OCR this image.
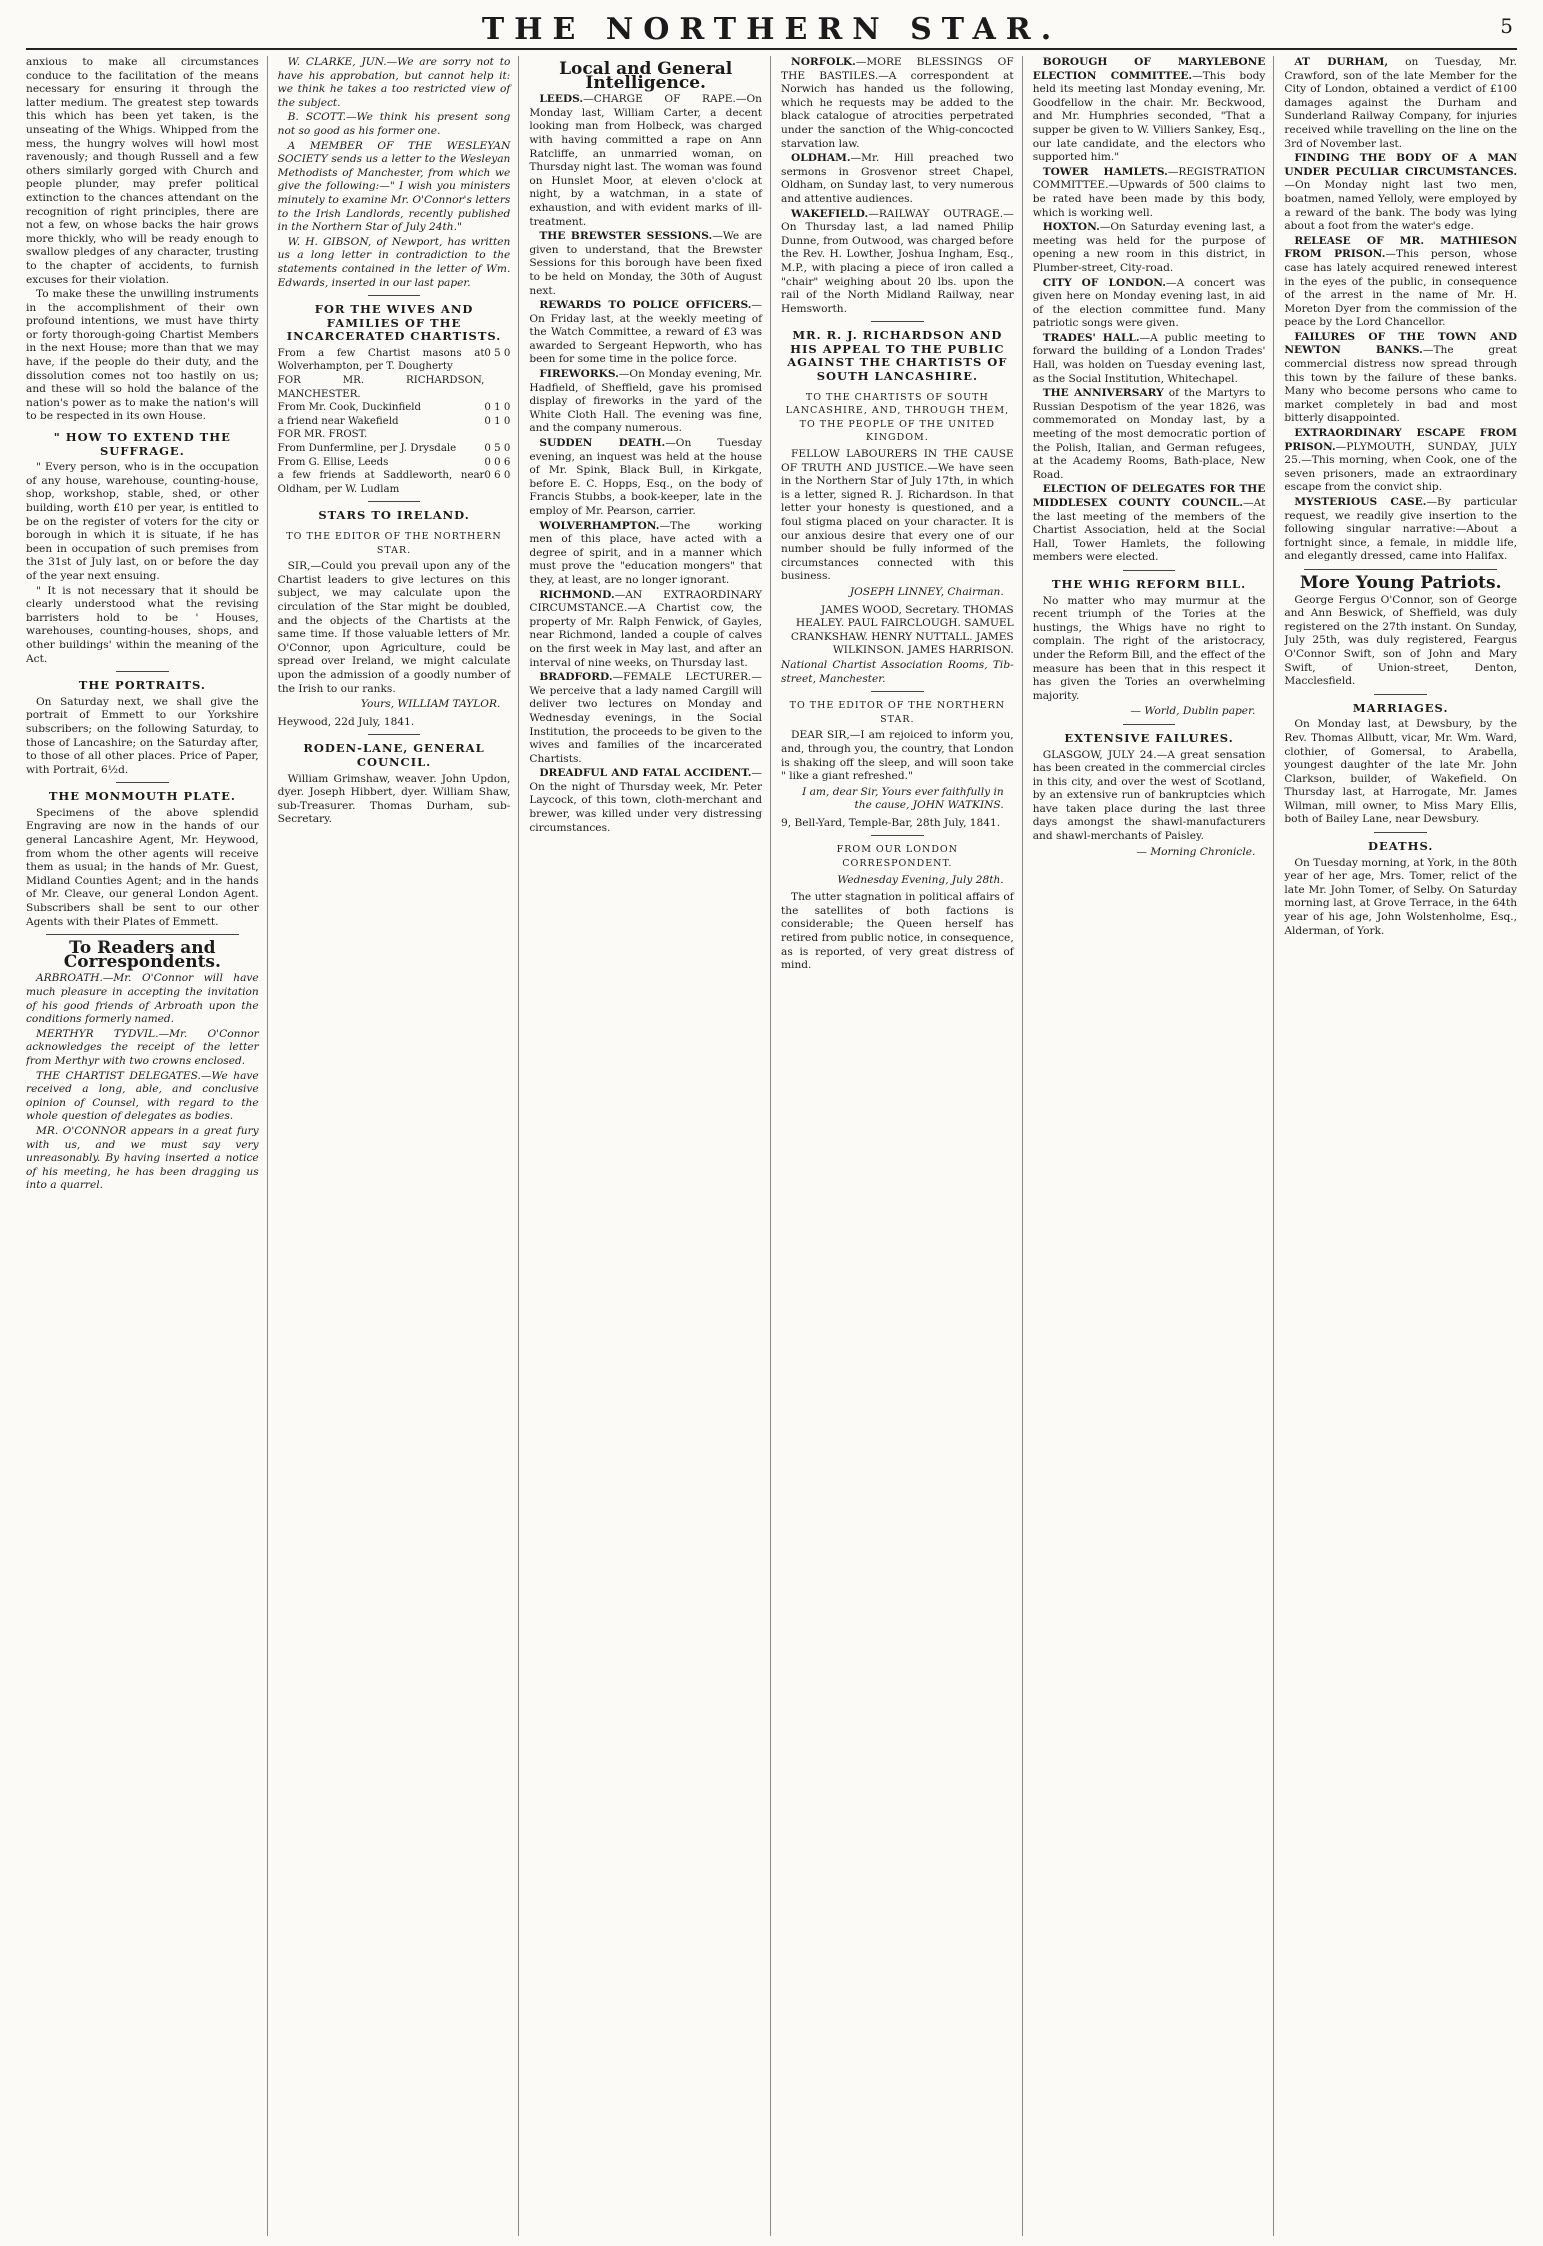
THE NORTHERN STAR.	5

anxious to make all circumstances conduce to the facilitation of the means necessary for ensuring it through the latter medium. The greatest step towards this which has been yet taken, is the unseating of the Whigs. Whipped from the mess, the hungry wolves will howl most ravenously; and though Russell and a few others similarly gorged with Church and people plunder, may prefer political extinction to the chances attendant on the recognition of right principles, there are not a few, on whose backs the hair grows more thickly, who will be ready enough to swallow pledges of any character, trusting to the chapter of accidents, to furnish excuses for their violation.

To make these the unwilling instruments in the accomplishment of their own profound intentions, we must have thirty or forty thorough-going Chartist Members in the next House; more than that we may have, if the people do their duty, and the dissolution comes not too hastily on us; and these will so hold the balance of the nation's power as to make the nation's will to be respected in its own House.

" HOW TO EXTEND THE SUFFRAGE.

" Every person, who is in the occupation of any house, warehouse, counting-house, shop, workshop, stable, shed, or other building, worth £10 per year, is entitled to be on the register of voters for the city or borough in which it is situate, if he has been in occupation of such premises from the 31st of July last, on or before the day of the year next ensuing.

" It is not necessary that it should be clearly understood what the revising barristers hold to be ' Houses, warehouses, counting-houses, shops, and other buildings' within the meaning of the Act.

THE PORTRAITS.

On Saturday next, we shall give the portrait of Emmett to our Yorkshire subscribers; on the following Saturday, to those of Lancashire; on the Saturday after, to those of all other places. Price of Paper, with Portrait, 6½d.

THE MONMOUTH PLATE.

Specimens of the above splendid Engraving are now in the hands of our general Lancashire Agent, Mr. Heywood, from whom the other agents will receive them as usual; in the hands of Mr. Guest, Midland Counties Agent; and in the hands of Mr. Cleave, our general London Agent. Subscribers shall be sent to our other Agents with their Plates of Emmett.

To Readers and Correspondents.

ARBROATH.—Mr. O'Connor will have much pleasure in accepting the invitation of his good friends of Arbroath upon the conditions formerly named.

MERTHYR TYDVIL.—Mr. O'Connor acknowledges the receipt of the letter from Merthyr with two crowns enclosed.

THE CHARTIST DELEGATES.—We have received a long, able, and conclusive opinion of Counsel, with regard to the whole question of delegates as bodies.

MR. O'CONNOR appears in a great fury with us, and we must say very unreasonably. By having inserted a notice of his meeting, he has been dragging us into a quarrel.

W. CLARKE, JUN.—We are sorry not to have his approbation, but cannot help it: we think he takes a too restricted view of the subject.

B. SCOTT.—We think his present song not so good as his former one.

A MEMBER OF THE WESLEYAN SOCIETY sends us a letter to the Wesleyan Methodists of Manchester, from which we give the following:—" I wish you ministers minutely to examine Mr. O'Connor's letters to the Irish Landlords, recently published in the Northern Star of July 24th."

W. H. GIBSON, of Newport, has written us a long letter in contradiction to the statements contained in the letter of Wm. Edwards, inserted in our last paper.

FOR THE WIVES AND FAMILIES OF THE INCARCERATED CHARTISTS.
From a few Chartist masons at Wolverhampton, per T. Dougherty	0 5 0
FOR MR. RICHARDSON, MANCHESTER.	
From Mr. Cook, Duckinfield	0 1 0
a friend near Wakefield	0 1 0
FOR MR. FROST.	
From Dunfermline, per J. Drysdale	0 5 0
From G. Ellise, Leeds	0 0 6
a few friends at Saddleworth, near Oldham, per W. Ludlam	0 6 0
STARS TO IRELAND.
TO THE EDITOR OF THE NORTHERN STAR.

SIR,—Could you prevail upon any of the Chartist leaders to give lectures on this subject, we may calculate upon the circulation of the Star might be doubled, and the objects of the Chartists at the same time. If those valuable letters of Mr. O'Connor, upon Agriculture, could be spread over Ireland, we might calculate upon the admission of a goodly number of the Irish to our ranks.

Yours, WILLIAM TAYLOR.

Heywood, 22d July, 1841.

RODEN-LANE, GENERAL COUNCIL.

William Grimshaw, weaver. John Updon, dyer. Joseph Hibbert, dyer. William Shaw, sub-Treasurer. Thomas Durham, sub-Secretary.

Local and General Intelligence.

LEEDS.—CHARGE OF RAPE.—On Monday last, William Carter, a decent looking man from Holbeck, was charged with having committed a rape on Ann Ratcliffe, an unmarried woman, on Thursday night last. The woman was found on Hunslet Moor, at eleven o'clock at night, by a watchman, in a state of exhaustion, and with evident marks of ill-treatment.

THE BREWSTER SESSIONS.—We are given to understand, that the Brewster Sessions for this borough have been fixed to be held on Monday, the 30th of August next.

REWARDS TO POLICE OFFICERS.—On Friday last, at the weekly meeting of the Watch Committee, a reward of £3 was awarded to Sergeant Hepworth, who has been for some time in the police force.

FIREWORKS.—On Monday evening, Mr. Hadfield, of Sheffield, gave his promised display of fireworks in the yard of the White Cloth Hall. The evening was fine, and the company numerous.

SUDDEN DEATH.—On Tuesday evening, an inquest was held at the house of Mr. Spink, Black Bull, in Kirkgate, before E. C. Hopps, Esq., on the body of Francis Stubbs, a book-keeper, late in the employ of Mr. Pearson, carrier.

WOLVERHAMPTON.—The working men of this place, have acted with a degree of spirit, and in a manner which must prove the "education mongers" that they, at least, are no longer ignorant.

RICHMOND.—AN EXTRAORDINARY CIRCUMSTANCE.—A Chartist cow, the property of Mr. Ralph Fenwick, of Gayles, near Richmond, landed a couple of calves on the first week in May last, and after an interval of nine weeks, on Thursday last.

BRADFORD.—FEMALE LECTURER.—We perceive that a lady named Cargill will deliver two lectures on Monday and Wednesday evenings, in the Social Institution, the proceeds to be given to the wives and families of the incarcerated Chartists.

DREADFUL AND FATAL ACCIDENT.—On the night of Thursday week, Mr. Peter Laycock, of this town, cloth-merchant and brewer, was killed under very distressing circumstances.

NORFOLK.—MORE BLESSINGS OF THE BASTILES.—A correspondent at Norwich has handed us the following, which he requests may be added to the black catalogue of atrocities perpetrated under the sanction of the Whig-concocted starvation law.

OLDHAM.—Mr. Hill preached two sermons in Grosvenor street Chapel, Oldham, on Sunday last, to very numerous and attentive audiences.

WAKEFIELD.—RAILWAY OUTRAGE.—On Thursday last, a lad named Philip Dunne, from Outwood, was charged before the Rev. H. Lowther, Joshua Ingham, Esq., M.P., with placing a piece of iron called a "chair" weighing about 20 lbs. upon the rail of the North Midland Railway, near Hemsworth.

MR. R. J. RICHARDSON AND HIS APPEAL TO THE PUBLIC AGAINST THE CHARTISTS OF SOUTH LANCASHIRE.
TO THE CHARTISTS OF SOUTH LANCASHIRE, AND, THROUGH THEM, TO THE PEOPLE OF THE UNITED KINGDOM.

FELLOW LABOURERS IN THE CAUSE OF TRUTH AND JUSTICE.—We have seen in the Northern Star of July 17th, in which is a letter, signed R. J. Richardson. In that letter your honesty is questioned, and a foul stigma placed on your character. It is our anxious desire that every one of our number should be fully informed of the circumstances connected with this business.

JOSEPH LINNEY, Chairman.

JAMES WOOD, Secretary. THOMAS HEALEY. PAUL FAIRCLOUGH. SAMUEL CRANKSHAW. HENRY NUTTALL. JAMES WILKINSON. JAMES HARRISON.

National Chartist Association Rooms, Tib-street, Manchester.

TO THE EDITOR OF THE NORTHERN STAR.

DEAR SIR,—I am rejoiced to inform you, and, through you, the country, that London is shaking off the sleep, and will soon take " like a giant refreshed."

I am, dear Sir, Yours ever faithfully in the cause, JOHN WATKINS.

9, Bell-Yard, Temple-Bar, 28th July, 1841.

FROM OUR LONDON CORRESPONDENT.
Wednesday Evening, July 28th.

The utter stagnation in political affairs of the satellites of both factions is considerable; the Queen herself has retired from public notice, in consequence, as is reported, of very great distress of mind.

BOROUGH OF MARYLEBONE ELECTION COMMITTEE.—This body held its meeting last Monday evening, Mr. Goodfellow in the chair. Mr. Beckwood, and Mr. Humphries seconded, "That a supper be given to W. Villiers Sankey, Esq., our late candidate, and the electors who supported him."

TOWER HAMLETS.—REGISTRATION COMMITTEE.—Upwards of 500 claims to be rated have been made by this body, which is working well.

HOXTON.—On Saturday evening last, a meeting was held for the purpose of opening a new room in this district, in Plumber-street, City-road.

CITY OF LONDON.—A concert was given here on Monday evening last, in aid of the election committee fund. Many patriotic songs were given.

TRADES' HALL.—A public meeting to forward the building of a London Trades' Hall, was holden on Tuesday evening last, as the Social Institution, Whitechapel.

THE ANNIVERSARY of the Martyrs to Russian Despotism of the year 1826, was commemorated on Monday last, by a meeting of the most democratic portion of the Polish, Italian, and German refugees, at the Academy Rooms, Bath-place, New Road.

ELECTION OF DELEGATES FOR THE MIDDLESEX COUNTY COUNCIL.—At the last meeting of the members of the Chartist Association, held at the Social Hall, Tower Hamlets, the following members were elected.

THE WHIG REFORM BILL.

No matter who may murmur at the recent triumph of the Tories at the hustings, the Whigs have no right to complain. The right of the aristocracy, under the Reform Bill, and the effect of the measure has been that in this respect it has given the Tories an overwhelming majority.

— World, Dublin paper.
EXTENSIVE FAILURES.

GLASGOW, JULY 24.—A great sensation has been created in the commercial circles in this city, and over the west of Scotland, by an extensive run of bankruptcies which have taken place during the last three days amongst the shawl-manufacturers and shawl-merchants of Paisley.

— Morning Chronicle.

AT DURHAM, on Tuesday, Mr. Crawford, son of the late Member for the City of London, obtained a verdict of £100 damages against the Durham and Sunderland Railway Company, for injuries received while travelling on the line on the 3rd of November last.

FINDING THE BODY OF A MAN UNDER PECULIAR CIRCUMSTANCES.—On Monday night last two men, boatmen, named Yelloly, were employed by a reward of the bank. The body was lying about a foot from the water's edge.

RELEASE OF MR. MATHIESON FROM PRISON.—This person, whose case has lately acquired renewed interest in the eyes of the public, in consequence of the arrest in the name of Mr. H. Moreton Dyer from the commission of the peace by the Lord Chancellor.

FAILURES OF THE TOWN AND NEWTON BANKS.—The great commercial distress now spread through this town by the failure of these banks. Many who become persons who came to market completely in bad and most bitterly disappointed.

EXTRAORDINARY ESCAPE FROM PRISON.—PLYMOUTH, SUNDAY, JULY 25.—This morning, when Cook, one of the seven prisoners, made an extraordinary escape from the convict ship.

MYSTERIOUS CASE.—By particular request, we readily give insertion to the following singular narrative:—About a fortnight since, a female, in middle life, and elegantly dressed, came into Halifax.

More Young Patriots.

George Fergus O'Connor, son of George and Ann Beswick, of Sheffield, was duly registered on the 27th instant. On Sunday, July 25th, was duly registered, Feargus O'Connor Swift, son of John and Mary Swift, of Union-street, Denton, Macclesfield.

MARRIAGES.

On Monday last, at Dewsbury, by the Rev. Thomas Allbutt, vicar, Mr. Wm. Ward, clothier, of Gomersal, to Arabella, youngest daughter of the late Mr. John Clarkson, builder, of Wakefield. On Thursday last, at Harrogate, Mr. James Wilman, mill owner, to Miss Mary Ellis, both of Bailey Lane, near Dewsbury.

DEATHS.

On Tuesday morning, at York, in the 80th year of her age, Mrs. Tomer, relict of the late Mr. John Tomer, of Selby. On Saturday morning last, at Grove Terrace, in the 64th year of his age, John Wolstenholme, Esq., Alderman, of York.
